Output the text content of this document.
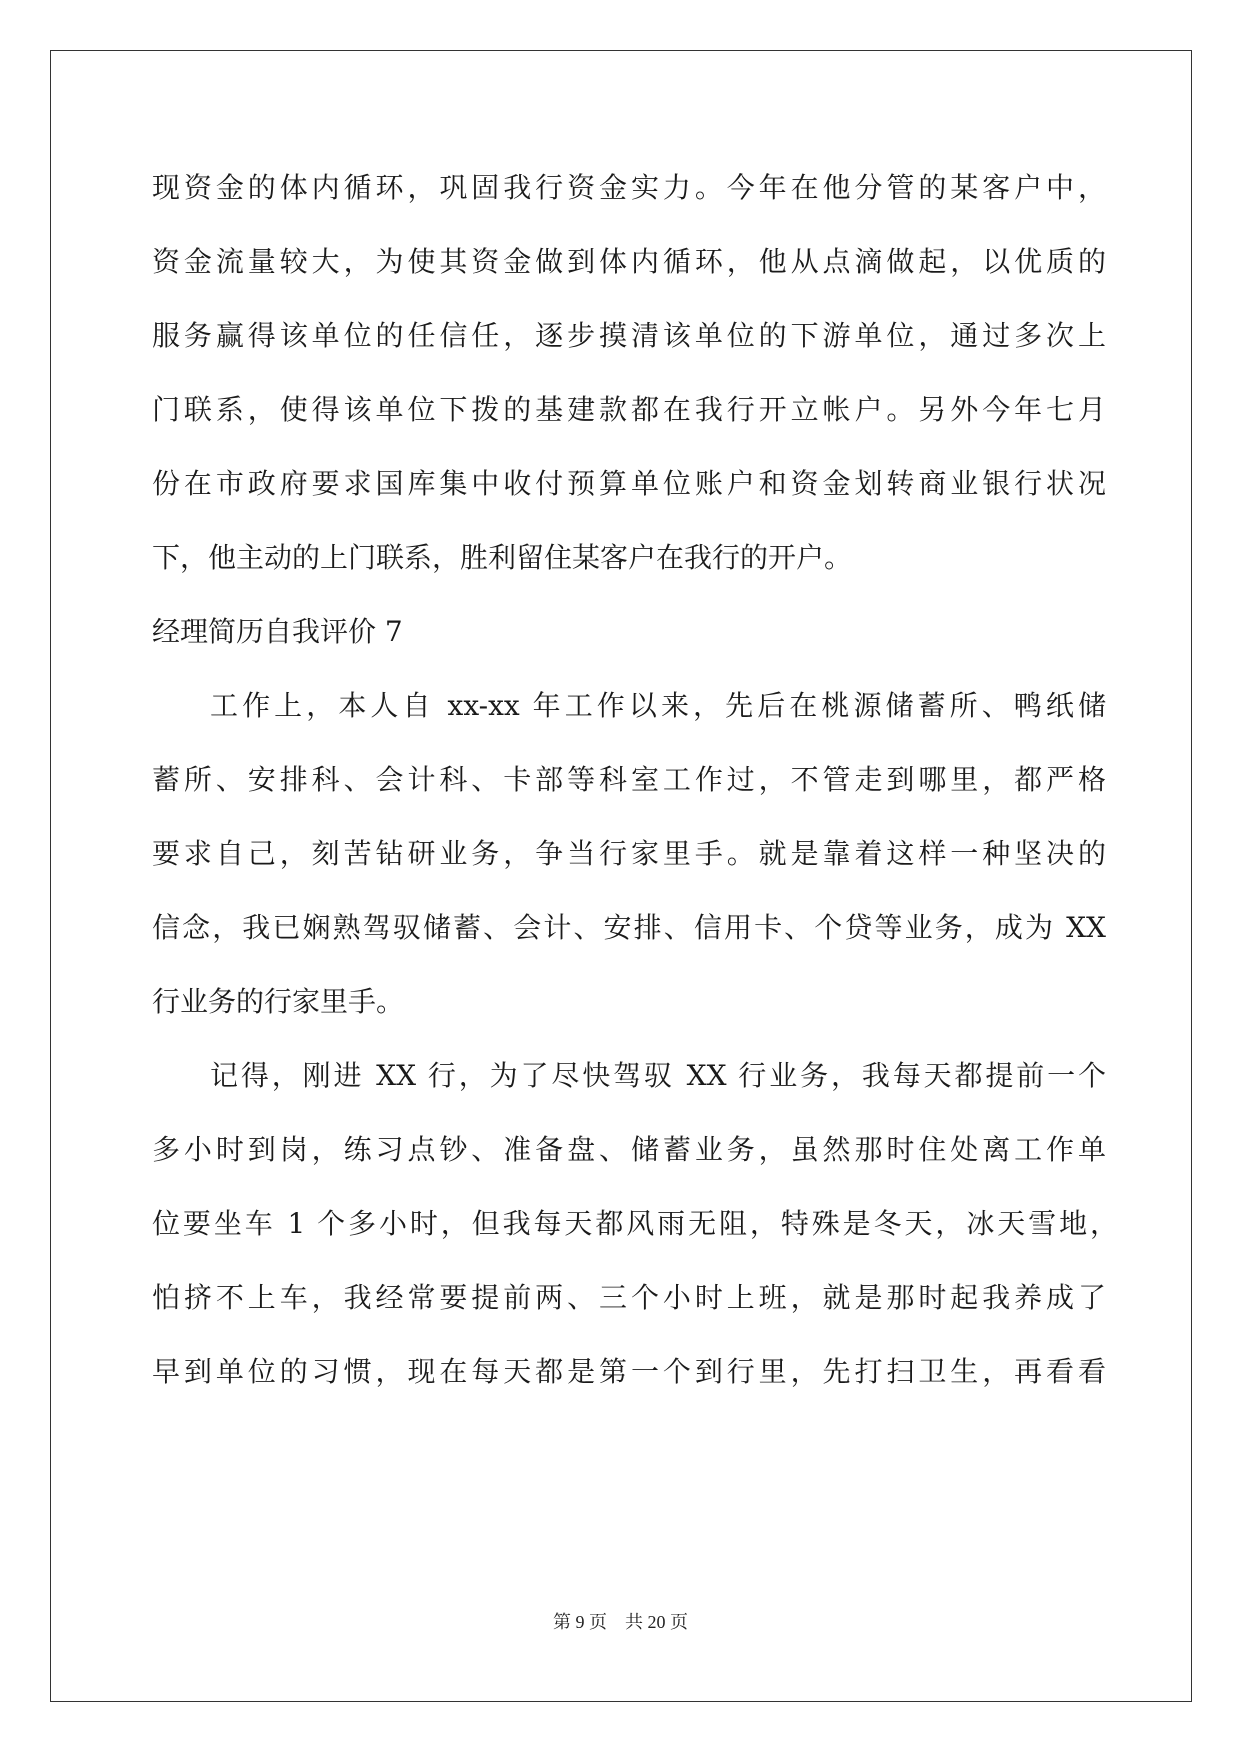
现资金的体内循环，巩固我行资金实力。今年在他分管的某客户中，
资金流量较大，为使其资金做到体内循环，他从点滴做起，以优质的
服务赢得该单位的任信任，逐步摸清该单位的下游单位，通过多次上
门联系，使得该单位下拨的基建款都在我行开立帐户。另外今年七月
份在市政府要求国库集中收付预算单位账户和资金划转商业银行状况
下，他主动的上门联系，胜利留住某客户在我行的开户。
经理简历自我评价 7
工作上，本人自 xx-xx 年工作以来，先后在桃源储蓄所、鸭纸储
蓄所、安排科、会计科、卡部等科室工作过，不管走到哪里，都严格
要求自己，刻苦钻研业务，争当行家里手。就是靠着这样一种坚决的
信念，我已娴熟驾驭储蓄、会计、安排、信用卡、个贷等业务，成为 XX
行业务的行家里手。
记得，刚进 XX 行，为了尽快驾驭 XX 行业务，我每天都提前一个
多小时到岗，练习点钞、准备盘、储蓄业务，虽然那时住处离工作单
位要坐车 1 个多小时，但我每天都风雨无阻，特殊是冬天，冰天雪地，
怕挤不上车，我经常要提前两、三个小时上班，就是那时起我养成了
早到单位的习惯，现在每天都是第一个到行里，先打扫卫生，再看看
第 9 页　共 20 页
